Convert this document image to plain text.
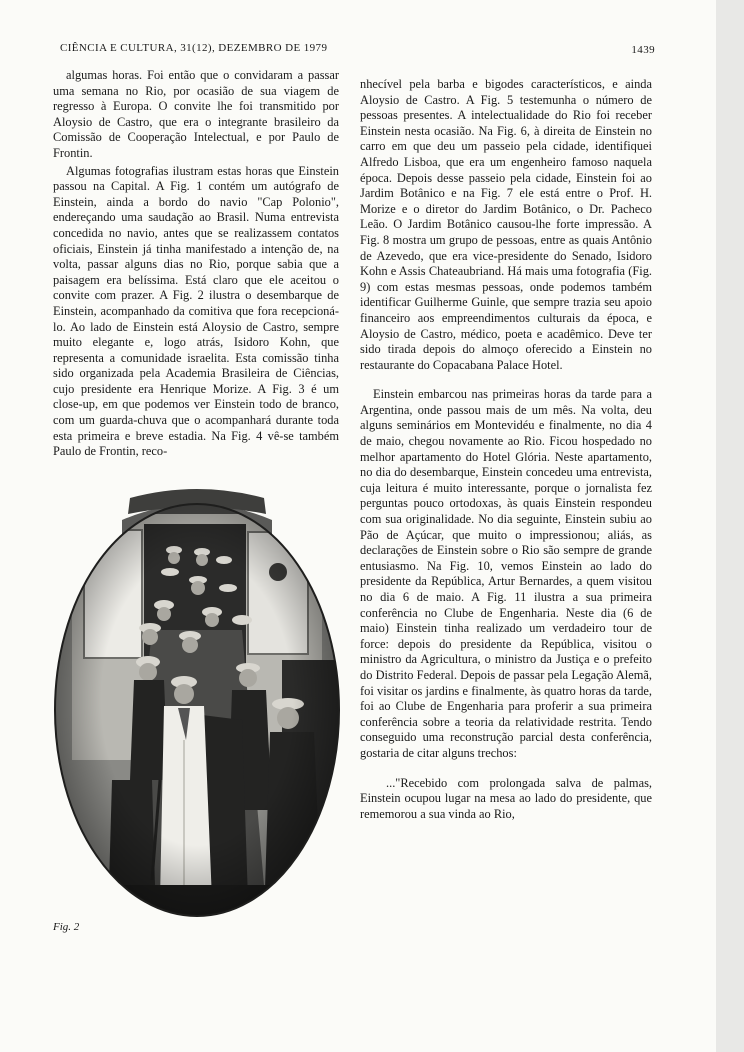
CIÊNCIA E CULTURA, 31(12), DEZEMBRO DE 1979	1439

algumas horas. Foi então que o convidaram a passar uma semana no Rio, por ocasião de sua viagem de regresso à Europa. O convite lhe foi transmitido por Aloysio de Castro, que era o integrante brasileiro da Comissão de Cooperação Intelectual, e por Paulo de Frontin.

Algumas fotografias ilustram estas horas que Einstein passou na Capital. A Fig. 1 contém um autógrafo de Einstein, ainda a bordo do navio "Cap Polonio", endereçando uma saudação ao Brasil. Numa entrevista concedida no navio, antes que se realizassem contatos oficiais, Einstein já tinha manifestado a intenção de, na volta, passar alguns dias no Rio, porque sabia que a paisagem era belíssima. Está claro que ele aceitou o convite com prazer. A Fig. 2 ilustra o desembarque de Einstein, acompanhado da comitiva que fora recepcioná-lo. Ao lado de Einstein está Aloysio de Castro, sempre muito elegante e, logo atrás, Isidoro Kohn, que representa a comunidade israelita. Esta comissão tinha sido organizada pela Academia Brasileira de Ciências, cujo presidente era Henrique Morize. A Fig. 3 é um close-up, em que podemos ver Einstein todo de branco, com um guarda-chuva que o acompanhará durante toda esta primeira e breve estadia. Na Fig. 4 vê-se também Paulo de Frontin, reco-

Fig. 2

nhecível pela barba e bigodes característicos, e ainda Aloysio de Castro. A Fig. 5 testemunha o número de pessoas presentes. A intelectualidade do Rio foi receber Einstein nesta ocasião. Na Fig. 6, à direita de Einstein no carro em que deu um passeio pela cidade, identifiquei Alfredo Lisboa, que era um engenheiro famoso naquela época. Depois desse passeio pela cidade, Einstein foi ao Jardim Botânico e na Fig. 7 ele está entre o Prof. H. Morize e o diretor do Jardim Botânico, o Dr. Pacheco Leão. O Jardim Botânico causou-lhe forte impressão. A Fig. 8 mostra um grupo de pessoas, entre as quais Antônio de Azevedo, que era vice-presidente do Senado, Isidoro Kohn e Assis Chateaubriand. Há mais uma fotografia (Fig. 9) com estas mesmas pessoas, onde podemos também identificar Guilherme Guinle, que sempre trazia seu apoio financeiro aos empreendimentos culturais da época, e Aloysio de Castro, médico, poeta e acadêmico. Deve ter sido tirada depois do almoço oferecido a Einstein no restaurante do Copacabana Palace Hotel.

Einstein embarcou nas primeiras horas da tarde para a Argentina, onde passou mais de um mês. Na volta, deu alguns seminários em Montevidéu e finalmente, no dia 4 de maio, chegou novamente ao Rio. Ficou hospedado no melhor apartamento do Hotel Glória. Neste apartamento, no dia do desembarque, Einstein concedeu uma entrevista, cuja leitura é muito interessante, porque o jornalista fez perguntas pouco ortodoxas, às quais Einstein respondeu com sua originalidade. No dia seguinte, Einstein subiu ao Pão de Açúcar, que muito o impressionou; aliás, as declarações de Einstein sobre o Rio são sempre de grande entusiasmo. Na Fig. 10, vemos Einstein ao lado do presidente da República, Artur Bernardes, a quem visitou no dia 6 de maio. A Fig. 11 ilustra a sua primeira conferência no Clube de Engenharia. Neste dia (6 de maio) Einstein tinha realizado um verdadeiro tour de force: depois do presidente da República, visitou o ministro da Agricultura, o ministro da Justiça e o prefeito do Distrito Federal. Depois de passar pela Legação Alemã, foi visitar os jardins e finalmente, às quatro horas da tarde, foi ao Clube de Engenharia para proferir a sua primeira conferência sobre a teoria da relatividade restrita. Tendo conseguido uma reconstrução parcial desta conferência, gostaria de citar alguns trechos:

..."Recebido com prolongada salva de palmas, Einstein ocupou lugar na mesa ao lado do presidente, que rememorou a sua vinda ao Rio,
